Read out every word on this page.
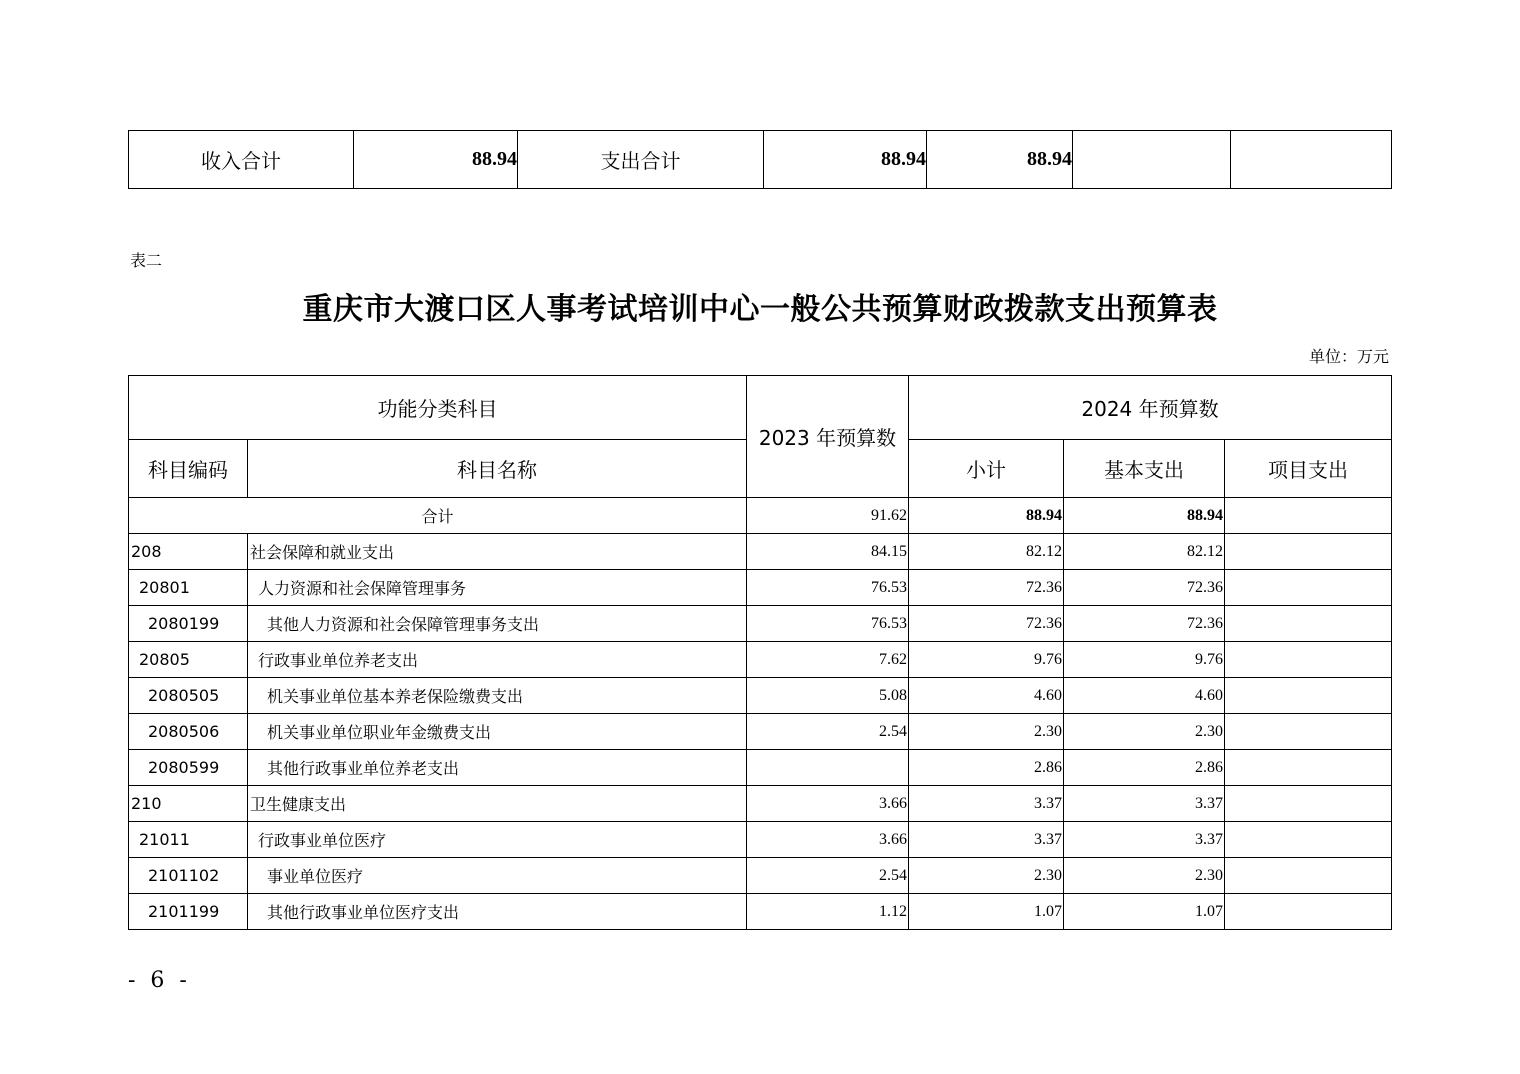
收入合计	88.94	支出合计	88.94	88.94		
表二
重庆市大渡口区人事考试培训中心一般公共预算财政拨款支出预算表
单位：万元
功能分类科目		2023 年预算数	2024 年预算数		
科目编码	科目名称		小计	基本支出	项目支出
合计		91.62	88.94	88.94	
208	社会保障和就业支出	84.15	82.12	82.12	
20801	人力资源和社会保障管理事务	76.53	72.36	72.36	
2080199	其他人力资源和社会保障管理事务支出	76.53	72.36	72.36	
20805	行政事业单位养老支出	7.62	9.76	9.76	
2080505	机关事业单位基本养老保险缴费支出	5.08	4.60	4.60	
2080506	机关事业单位职业年金缴费支出	2.54	2.30	2.30	
2080599	其他行政事业单位养老支出		2.86	2.86	
210	卫生健康支出	3.66	3.37	3.37	
21011	行政事业单位医疗	3.66	3.37	3.37	
2101102	事业单位医疗	2.54	2.30	2.30	
2101199	其他行政事业单位医疗支出	1.12	1.07	1.07	
- 6 -
